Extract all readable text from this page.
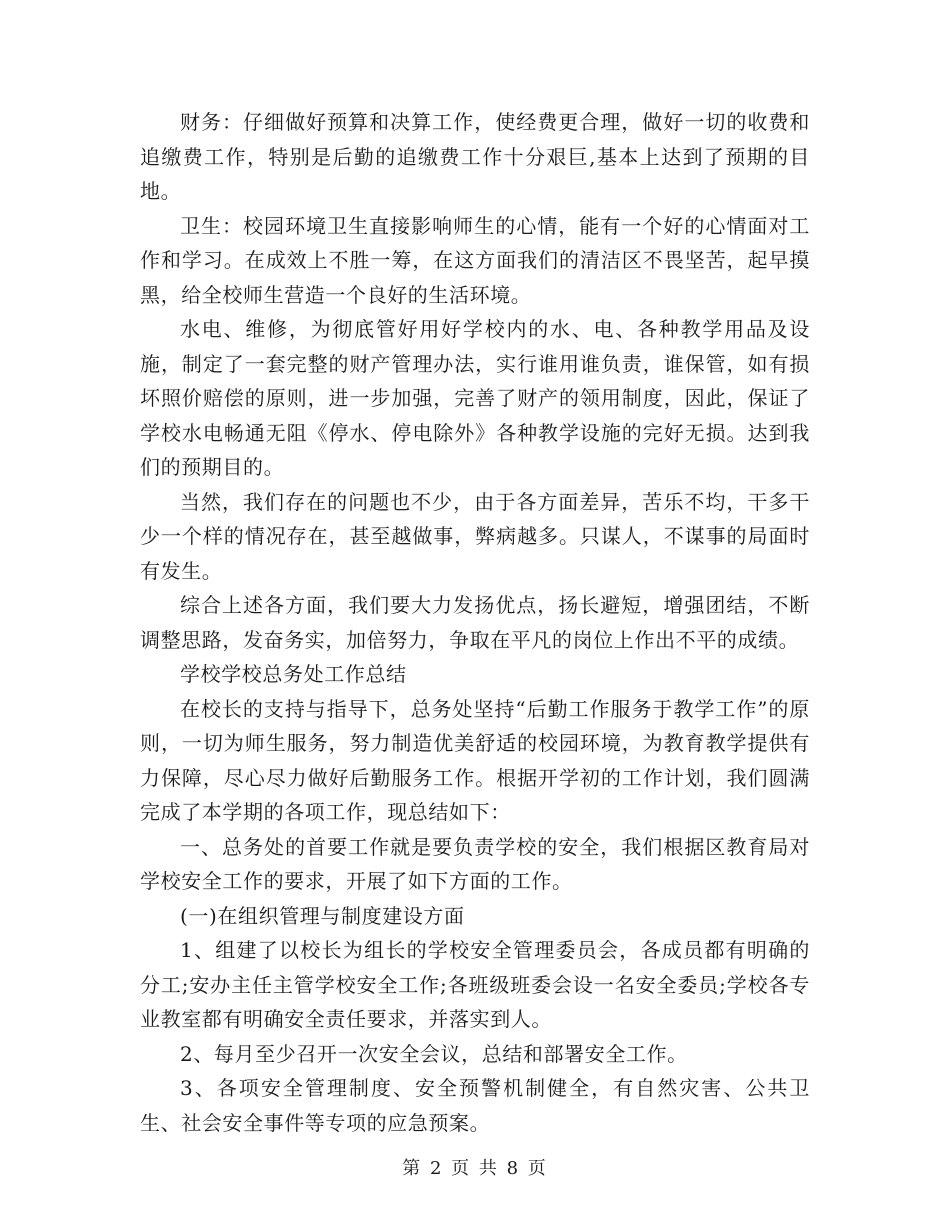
财务：仔细做好预算和决算工作，使经费更合理，做好一切的收费和追缴费工作，特别是后勤的追缴费工作十分艰巨,基本上达到了预期的目地。

卫生：校园环境卫生直接影响师生的心情，能有一个好的心情面对工作和学习。在成效上不胜一筹，在这方面我们的清洁区不畏坚苦，起早摸黑，给全校师生营造一个良好的生活环境。

水电、维修，为彻底管好用好学校内的水、电、各种教学用品及设施，制定了一套完整的财产管理办法，实行谁用谁负责，谁保管，如有损坏照价赔偿的原则，进一步加强，完善了财产的领用制度，因此，保证了学校水电畅通无阻《停水、停电除外》各种教学设施的完好无损。达到我们的预期目的。

当然，我们存在的问题也不少，由于各方面差异，苦乐不均，干多干少一个样的情况存在，甚至越做事，弊病越多。只谋人，不谋事的局面时有发生。

综合上述各方面，我们要大力发扬优点，扬长避短，增强团结，不断调整思路，发奋务实，加倍努力，争取在平凡的岗位上作出不平的成绩。

学校学校总务处工作总结

在校长的支持与指导下，总务处坚持“后勤工作服务于教学工作”的原则，一切为师生服务，努力制造优美舒适的校园环境，为教育教学提供有力保障，尽心尽力做好后勤服务工作。根据开学初的工作计划，我们圆满完成了本学期的各项工作，现总结如下：

一、总务处的首要工作就是要负责学校的安全，我们根据区教育局对学校安全工作的要求，开展了如下方面的工作。

(一)在组织管理与制度建设方面

1、组建了以校长为组长的学校安全管理委员会，各成员都有明确的分工;安办主任主管学校安全工作;各班级班委会设一名安全委员;学校各专业教室都有明确安全责任要求，并落实到人。

2、每月至少召开一次安全会议，总结和部署安全工作。

3、各项安全管理制度、安全预警机制健全，有自然灾害、公共卫生、社会安全事件等专项的应急预案。

第 2 页 共 8 页
